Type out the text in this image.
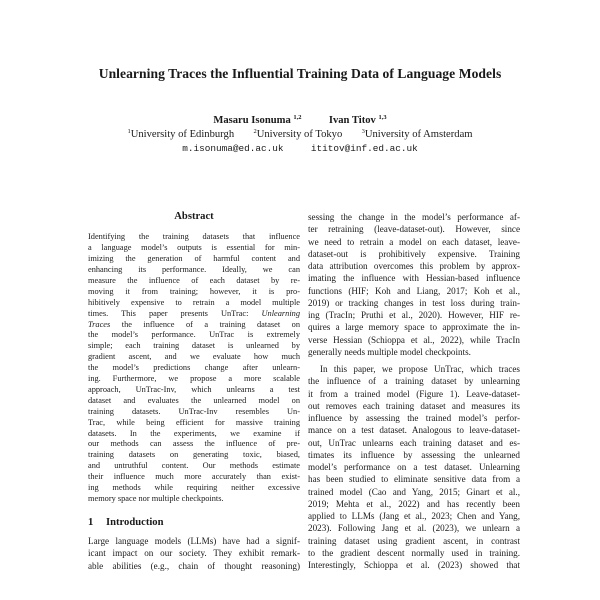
Unlearning Traces the Influential Training Data of Language Models
Masaru Isonuma $^{1,2}$	Ivan Titov $^{1,3}$
$^1$University of Edinburgh	$^2$University of Tokyo	$^3$University of Amsterdam
m.isonuma@ed.ac.uk	ititov@inf.ed.ac.uk
Abstract
Identifying the training datasets that influence
a language model’s outputs is essential for min-
imizing the generation of harmful content and
enhancing its performance. Ideally, we can
measure the influence of each dataset by re-
moving it from training; however, it is pro-
hibitively expensive to retrain a model multiple
times. This paper presents UnTrac: Unlearning
Traces the influence of a training dataset on
the model’s performance. UnTrac is extremely
simple; each training dataset is unlearned by
gradient ascent, and we evaluate how much
the model’s predictions change after unlearn-
ing. Furthermore, we propose a more scalable
approach, UnTrac-Inv, which unlearns a test
dataset and evaluates the unlearned model on
training datasets. UnTrac-Inv resembles Un-
Trac, while being efficient for massive training
datasets. In the experiments, we examine if
our methods can assess the influence of pre-
training datasets on generating toxic, biased,
and untruthful content. Our methods estimate
their influence much more accurately than exist-
ing methods while requiring neither excessive
memory space nor multiple checkpoints.
1 Introduction
Large language models (LLMs) have had a signif-
icant impact on our society. They exhibit remark-
able abilities (e.g., chain of thought reasoning)
sessing the change in the model’s performance af-
ter retraining (leave-dataset-out). However, since
we need to retrain a model on each dataset, leave-
dataset-out is prohibitively expensive. Training
data attribution overcomes this problem by approx-
imating the influence with Hessian-based influence
functions (HIF; Koh and Liang, 2017; Koh et al.,
2019) or tracking changes in test loss during train-
ing (TracIn; Pruthi et al., 2020). However, HIF re-
quires a large memory space to approximate the in-
verse Hessian (Schioppa et al., 2022), while TracIn
generally needs multiple model checkpoints.
In this paper, we propose UnTrac, which traces
the influence of a training dataset by unlearning
it from a trained model (Figure 1). Leave-dataset-
out removes each training dataset and measures its
influence by assessing the trained model’s perfor-
mance on a test dataset. Analogous to leave-dataset-
out, UnTrac unlearns each training dataset and es-
timates its influence by assessing the unlearned
model’s performance on a test dataset. Unlearning
has been studied to eliminate sensitive data from a
trained model (Cao and Yang, 2015; Ginart et al.,
2019; Mehta et al., 2022) and has recently been
applied to LLMs (Jang et al., 2023; Chen and Yang,
2023). Following Jang et al. (2023), we unlearn a
training dataset using gradient ascent, in contrast
to the gradient descent normally used in training.
Interestingly, Schioppa et al. (2023) showed that
